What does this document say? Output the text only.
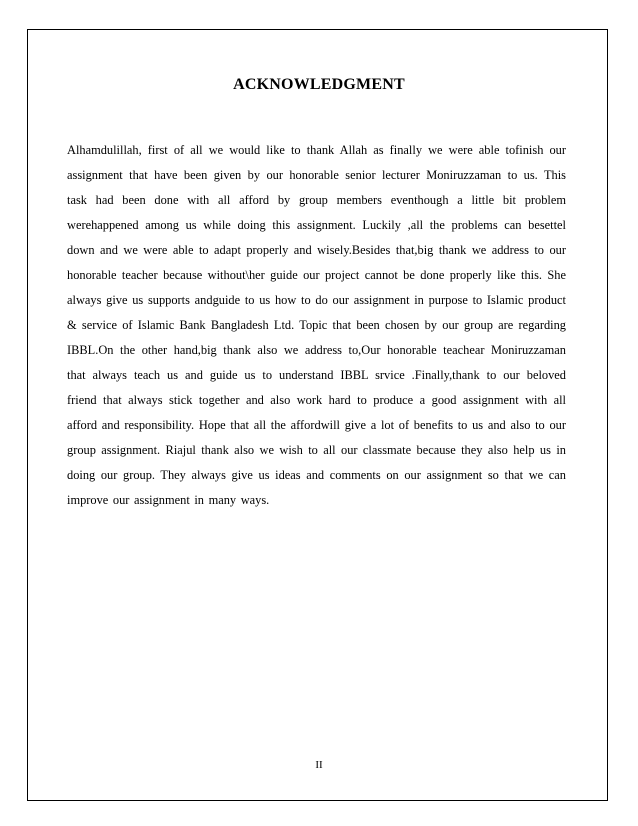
ACKNOWLEDGMENT

Alhamdulillah, first of all we would like to thank Allah as finally we were able tofinish our assignment that have been given by our honorable senior lecturer Moniruzzaman to us. This task had been done with all afford by group members eventhough a little bit problem werehappened among us while doing this assignment. Luckily ,all the problems can besettel down and we were able to adapt properly and wisely.Besides that,big thank we address to our honorable teacher because without\her guide our project cannot be done properly like this. She always give us supports andguide to us how to do our assignment in purpose to Islamic product & service of Islamic Bank Bangladesh Ltd. Topic that been chosen by our group are regarding IBBL.On the other hand,big thank also we address to,Our honorable teachear Moniruzzaman that always teach us and guide us to understand IBBL srvice .Finally,thank to our beloved friend that always stick together and also work hard to produce a good assignment with all afford and responsibility. Hope that all the affordwill give a lot of benefits to us and also to our group assignment. Riajul thank also we wish to all our classmate because they also help us in doing our group. They always give us ideas and comments on our assignment so that we can improve our assignment in many ways.

II
